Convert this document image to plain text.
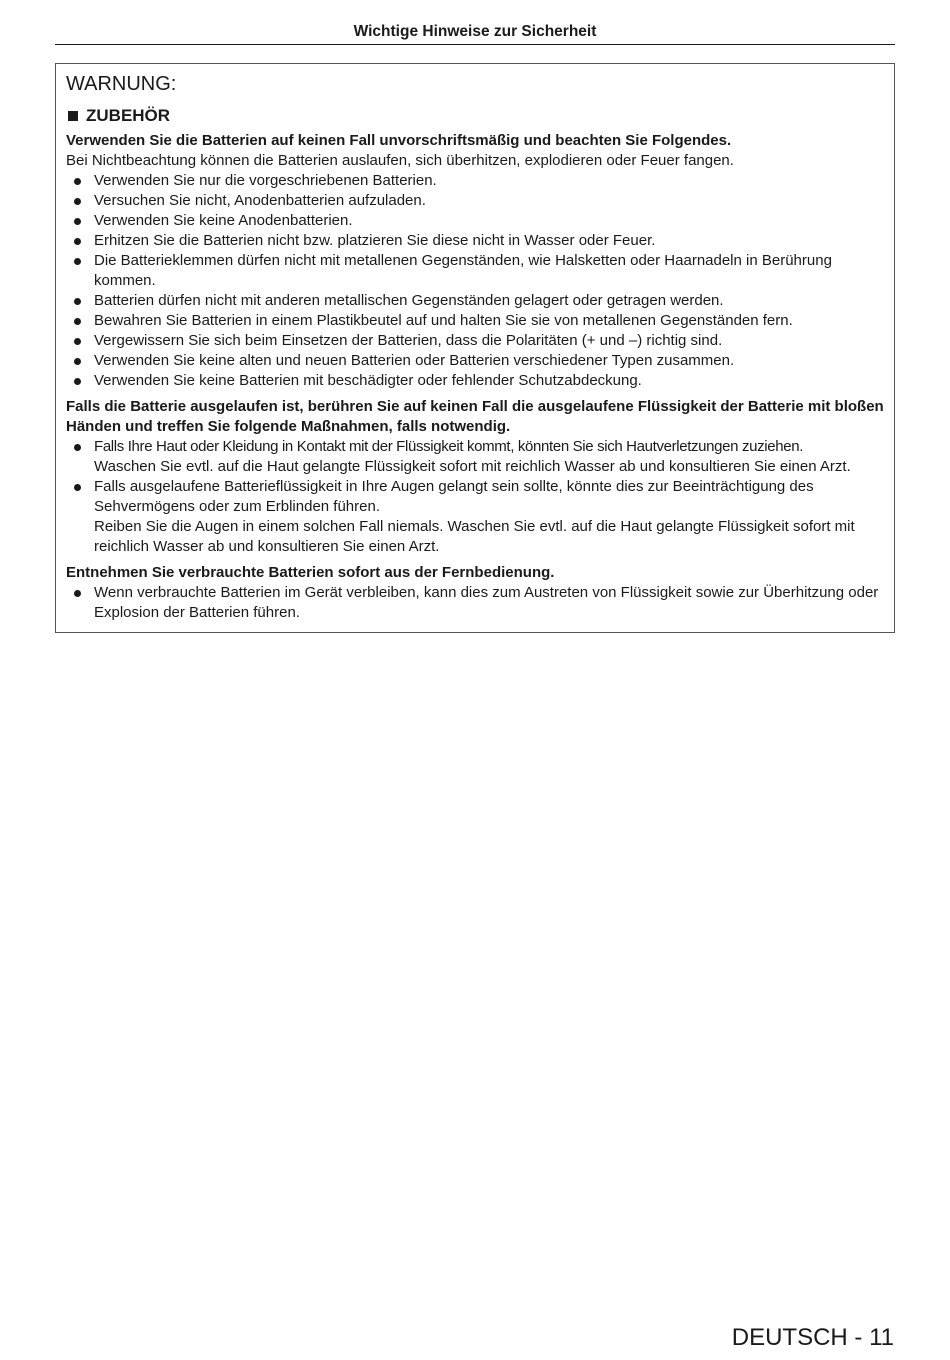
Wichtige Hinweise zur Sicherheit
WARNUNG:
ZUBEHÖR

Verwenden Sie die Batterien auf keinen Fall unvorschriftsmäßig und beachten Sie Folgendes.

Bei Nichtbeachtung können die Batterien auslaufen, sich überhitzen, explodieren oder Feuer fangen.

Verwenden Sie nur die vorgeschriebenen Batterien.
Versuchen Sie nicht, Anodenbatterien aufzuladen.
Verwenden Sie keine Anodenbatterien.
Erhitzen Sie die Batterien nicht bzw. platzieren Sie diese nicht in Wasser oder Feuer.
Die Batterieklemmen dürfen nicht mit metallenen Gegenständen, wie Halsketten oder Haarnadeln in Berührung kommen.
Batterien dürfen nicht mit anderen metallischen Gegenständen gelagert oder getragen werden.
Bewahren Sie Batterien in einem Plastikbeutel auf und halten Sie sie von metallenen Gegenständen fern.
Vergewissern Sie sich beim Einsetzen der Batterien, dass die Polaritäten (+ und –) richtig sind.
Verwenden Sie keine alten und neuen Batterien oder Batterien verschiedener Typen zusammen.
Verwenden Sie keine Batterien mit beschädigter oder fehlender Schutzabdeckung.

Falls die Batterie ausgelaufen ist, berühren Sie auf keinen Fall die ausgelaufene Flüssigkeit der Batterie mit bloßen Händen und treffen Sie folgende Maßnahmen, falls notwendig.

Falls Ihre Haut oder Kleidung in Kontakt mit der Flüssigkeit kommt, könnten Sie sich Hautverletzungen zuziehen.
Waschen Sie evtl. auf die Haut gelangte Flüssigkeit sofort mit reichlich Wasser ab und konsultieren Sie einen Arzt.
Falls ausgelaufene Batterieflüssigkeit in Ihre Augen gelangt sein sollte, könnte dies zur Beeinträchtigung des Sehvermögens oder zum Erblinden führen.
Reiben Sie die Augen in einem solchen Fall niemals. Waschen Sie evtl. auf die Haut gelangte Flüssigkeit sofort mit reichlich Wasser ab und konsultieren Sie einen Arzt.

Entnehmen Sie verbrauchte Batterien sofort aus der Fernbedienung.

Wenn verbrauchte Batterien im Gerät verbleiben, kann dies zum Austreten von Flüssigkeit sowie zur Überhitzung oder Explosion der Batterien führen.
DEUTSCH - 11
